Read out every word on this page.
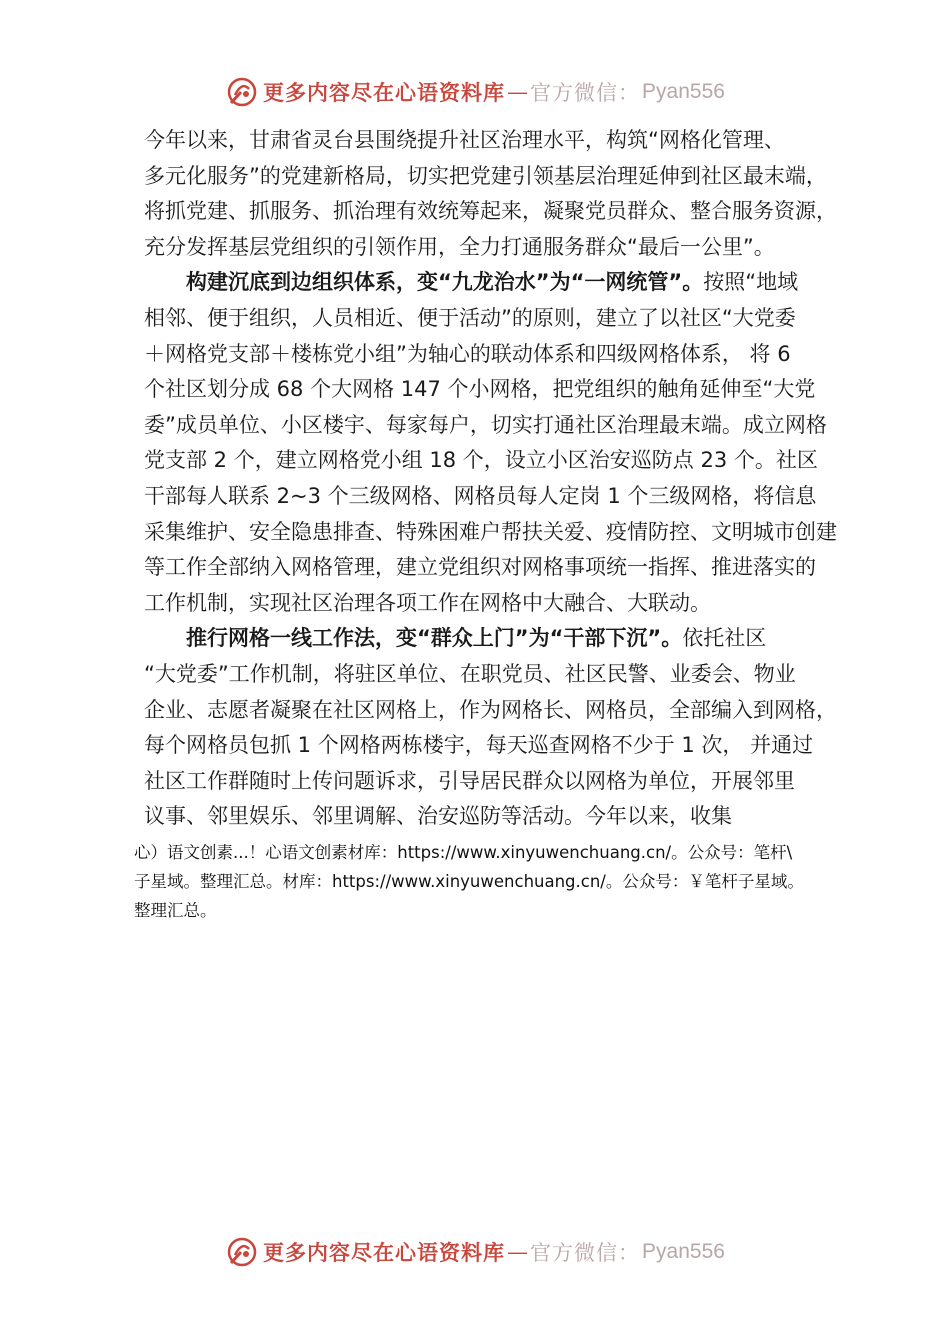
更多内容尽在心语资料库 — 官方微信： Pyan556
今年以来，甘肃省灵台县围绕提升社区治理水平，构筑“网格化管理、
多元化服务”的党建新格局，切实把党建引领基层治理延伸到社区最末端，
将抓党建、抓服务、抓治理有效统筹起来，凝聚党员群众、整合服务资源，
充分发挥基层党组织的引领作用，全力打通服务群众“最后一公里”。
构建沉底到边组织体系，变“九龙治水”为“一网统管”。按照“地域
相邻、便于组织，人员相近、便于活动”的原则，建立了以社区“大党委
＋网格党支部＋楼栋党小组”为轴心的联动体系和四级网格体系， 将 6
个社区划分成 68 个大网格 147 个小网格，把党组织的触角延伸至“大党
委”成员单位、小区楼宇、每家每户，切实打通社区治理最末端。成立网格
党支部 2 个，建立网格党小组 18 个，设立小区治安巡防点 23 个。社区
干部每人联系 2~3 个三级网格、网格员每人定岗 1 个三级网格，将信息
采集维护、安全隐患排查、特殊困难户帮扶关爱、疫情防控、文明城市创建
等工作全部纳入网格管理，建立党组织对网格事项统一指挥、推进落实的
工作机制，实现社区治理各项工作在网格中大融合、大联动。
推行网格一线工作法，变“群众上门”为“干部下沉”。依托社区
“大党委”工作机制，将驻区单位、在职党员、社区民警、业委会、物业
企业、志愿者凝聚在社区网格上，作为网格长、网格员，全部编入到网格，
每个网格员包抓 1 个网格两栋楼宇，每天巡查网格不少于 1 次， 并通过
社区工作群随时上传问题诉求，引导居民群众以网格为单位，开展邻里
议事、邻里娱乐、邻里调解、治安巡防等活动。今年以来，收集
心）语文创素...！心语文创素材库：https://www.xinyuwenchuang.cn/。公众号：笔杆\
子星域。整理汇总。材库：https://www.xinyuwenchuang.cn/。公众号：￥笔杆子星域。
整理汇总。
更多内容尽在心语资料库 — 官方微信： Pyan556
